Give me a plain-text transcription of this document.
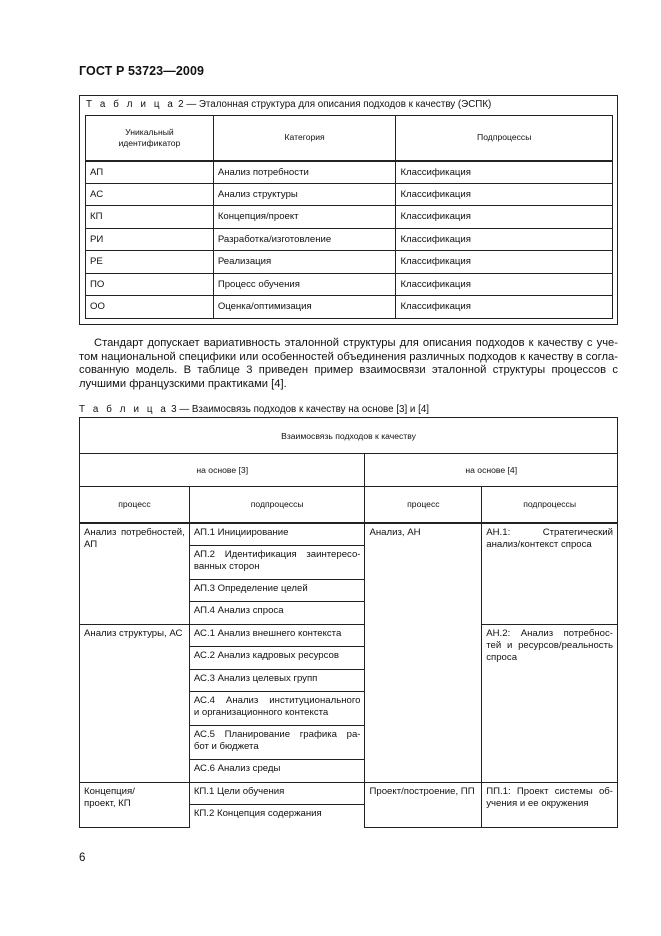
ГОСТ Р 53723—2009
Т а б л и ц а 2 — Эталонная структура для описания подходов к качеству (ЭСПК)
Уникальный
идентификатор	Категория	Подпроцессы
АП	Анализ потребности	Классификация
АС	Анализ структуры	Классификация
КП	Концепция/проект	Классификация
РИ	Разработка/изготовление	Классификация
РЕ	Реализация	Классификация
ПО	Процесс обучения	Классификация
ОО	Оценка/оптимизация	Классификация
Стандарт допускает вариативность эталонной структуры для описания подходов к качеству с уче-
том национальной специфики или особенностей объединения различных подходов к качеству в согла-
сованную модель. В таблице 3 приведен пример взаимосвязи эталонной структуры процессов с
лучшими французскими практиками [4].
Т а б л и ц а 3 — Взаимосвязь подходов к качеству на основе [3] и [4]
Взаимосвязь подходов к качеству			
на основе [3]		на основе [4]	
процесс	подпроцессы	процесс	подпроцессы

Анализ потребностей,
АП	АП.1 Инициирование	Анализ, АН	АН.1: Стратегический
анализ/контекст спроса

	АП.2 Идентификация заинтересо-
ванных сторон		

	АП.3 Определение целей		

	АП.4 Анализ спроса		

Анализ структуры, АС	АС.1 Анализ внешнего контекста		АН.2: Анализ потребнос-
тей и ресурсов/реальность
спроса

	АС.2 Анализ кадровых ресурсов		

	АС.3 Анализ целевых групп		

	АС.4 Анализ институционального
и организационного контекста		

	АС.5 Планирование графика ра-
бот и бюджета		

	АС.6 Анализ среды		

Концепция/
проект, КП	КП.1 Цели обучения	Проект/построение, ПП	ПП.1: Проект системы об-
учения и ее окружения

	КП.2 Концепция содержания		
6
